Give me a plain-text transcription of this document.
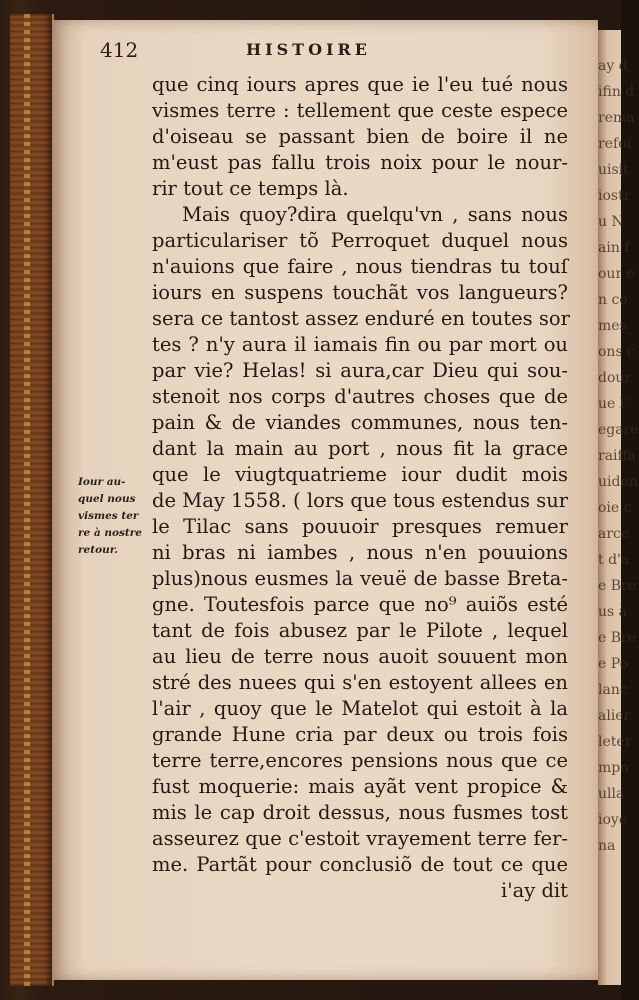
ay d
ifin d
rema
refoi
uisit
iostr
u N
ain f
our e
n co
mes
ons c
dour
ue l'
egare
raiffa
uiden
oie c
arce
t d'a
e Bre
us à
e Bre
e Po
lanc
alier
leter
mpo
ulla
ioye
na
412	HISTOIRE
que cinq iours apres que ie l'eu tué nous
vismes terre : tellement que ceste espece
d'oiseau se passant bien de boire il ne
m'eust pas fallu trois noix pour le nour-
rir tout ce temps là.
Mais quoy?dira quelqu'vn , sans nous
particulariser tõ Perroquet duquel nous
n'auions que faire , nous tiendras tu touſ
iours en suspens touchãt vos langueurs?
sera ce tantost assez enduré en toutes sor
tes ? n'y aura il iamais fin ou par mort ou
par vie? Helas! si aura,car Dieu qui sou-
stenoit nos corps d'autres choses que de
pain & de viandes communes, nous ten-
dant la main au port , nous fit la grace
que le viugtquatrieme iour dudit mois
de May 1558. ( lors que tous estendus sur
le Tilac sans pouuoir presques remuer
ni bras ni iambes , nous n'en pouuions
plus)nous eusmes la veuë de basse Breta-
gne. Toutesfois parce que no⁹ auiõs esté
tant de fois abusez par le Pilote , lequel
au lieu de terre nous auoit souuent mon
stré des nuees qui s'en estoyent allees en
l'air , quoy que le Matelot qui estoit à la
grande Hune cria par deux ou trois fois
terre terre,encores pensions nous que ce
fust moquerie: mais ayãt vent propice &
mis le cap droit dessus, nous fusmes tost
asseurez que c'estoit vrayement terre fer-
me. Partãt pour conclusiõ de tout ce que
i'ay dit
Iour au-
quel nous
vismes ter
re à nostre
retour.
